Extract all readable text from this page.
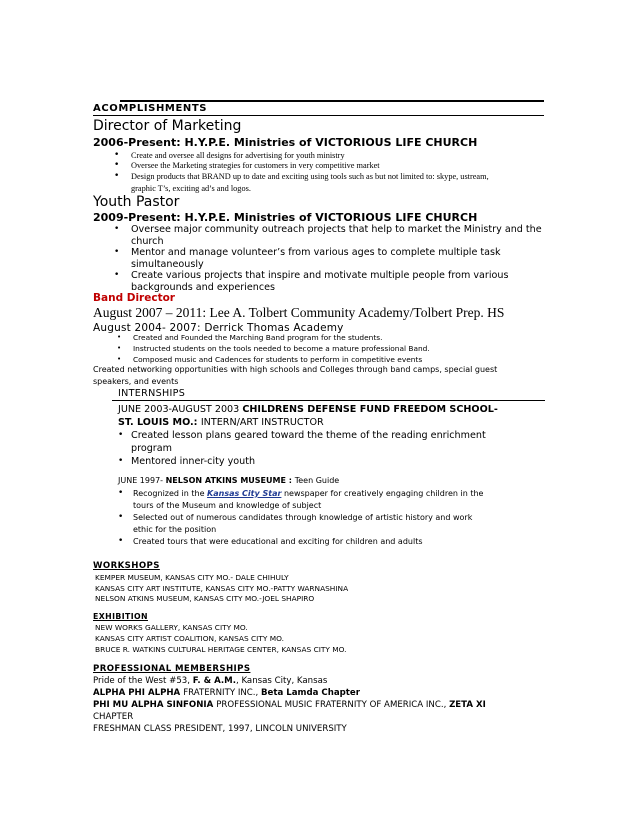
ACOMPLISHMENTS
Director of Marketing
2006-Present: H.Y.P.E. Ministries of VICTORIOUS LIFE CHURCH
• Create and oversee all designs for advertising for youth ministry
• Oversee the Marketing strategies for customers in very competitive market
• Design products that BRAND up to date and exciting using tools such as but not limited to: skype, ustream,
graphic T’s, exciting ad’s and logos.
Youth Pastor
2009-Present: H.Y.P.E. Ministries of VICTORIOUS LIFE CHURCH
• Oversee major community outreach projects that help to market the Ministry and the
church
• Mentor and manage volunteer’s from various ages to complete multiple task
simultaneously
• Create various projects that inspire and motivate multiple people from various
backgrounds and experiences
Band Director
August 2007 – 2011: Lee A. Tolbert Community Academy/Tolbert Prep. HS
August 2004- 2007: Derrick Thomas Academy
• Created and Founded the Marching Band program for the students.
• Instructed students on the tools needed to become a mature professional Band.
• Composed music and Cadences for students to perform in competitive events
Created networking opportunities with high schools and Colleges through band camps, special guest
speakers, and events
INTERNSHIPS
JUNE 2003-AUGUST 2003 CHILDRENS DEFENSE FUND FREEDOM SCHOOL-
ST. LOUIS MO.: INTERN/ART INSTRUCTOR
• Created lesson plans geared toward the theme of the reading enrichment
program
• Mentored inner-city youth
JUNE 1997- NELSON ATKINS MUSEUME : Teen Guide
• Recognized in the Kansas City Star newspaper for creatively engaging children in the
tours of the Museum and knowledge of subject
• Selected out of numerous candidates through knowledge of artistic history and work
ethic for the position
• Created tours that were educational and exciting for children and adults
WORKSHOPS
KEMPER MUSEUM, KANSAS CITY MO.- DALE CHIHULY
KANSAS CITY ART INSTITUTE, KANSAS CITY MO.-PATTY WARNASHINA
NELSON ATKINS MUSEUM, KANSAS CITY MO.-JOEL SHAPIRO
EXHIBITION
NEW WORKS GALLERY, KANSAS CITY MO.
KANSAS CITY ARTIST COALITION, KANSAS CITY MO.
BRUCE R. WATKINS CULTURAL HERITAGE CENTER, KANSAS CITY MO.
PROFESSIONAL MEMBERSHIPS
Pride of the West #53, F. & A.M., Kansas City, Kansas
ALPHA PHI ALPHA FRATERNITY INC., Beta Lamda Chapter
PHI MU ALPHA SINFONIA PROFESSIONAL MUSIC FRATERNITY OF AMERICA INC., ZETA XI
CHAPTER
FRESHMAN CLASS PRESIDENT, 1997, LINCOLN UNIVERSITY
